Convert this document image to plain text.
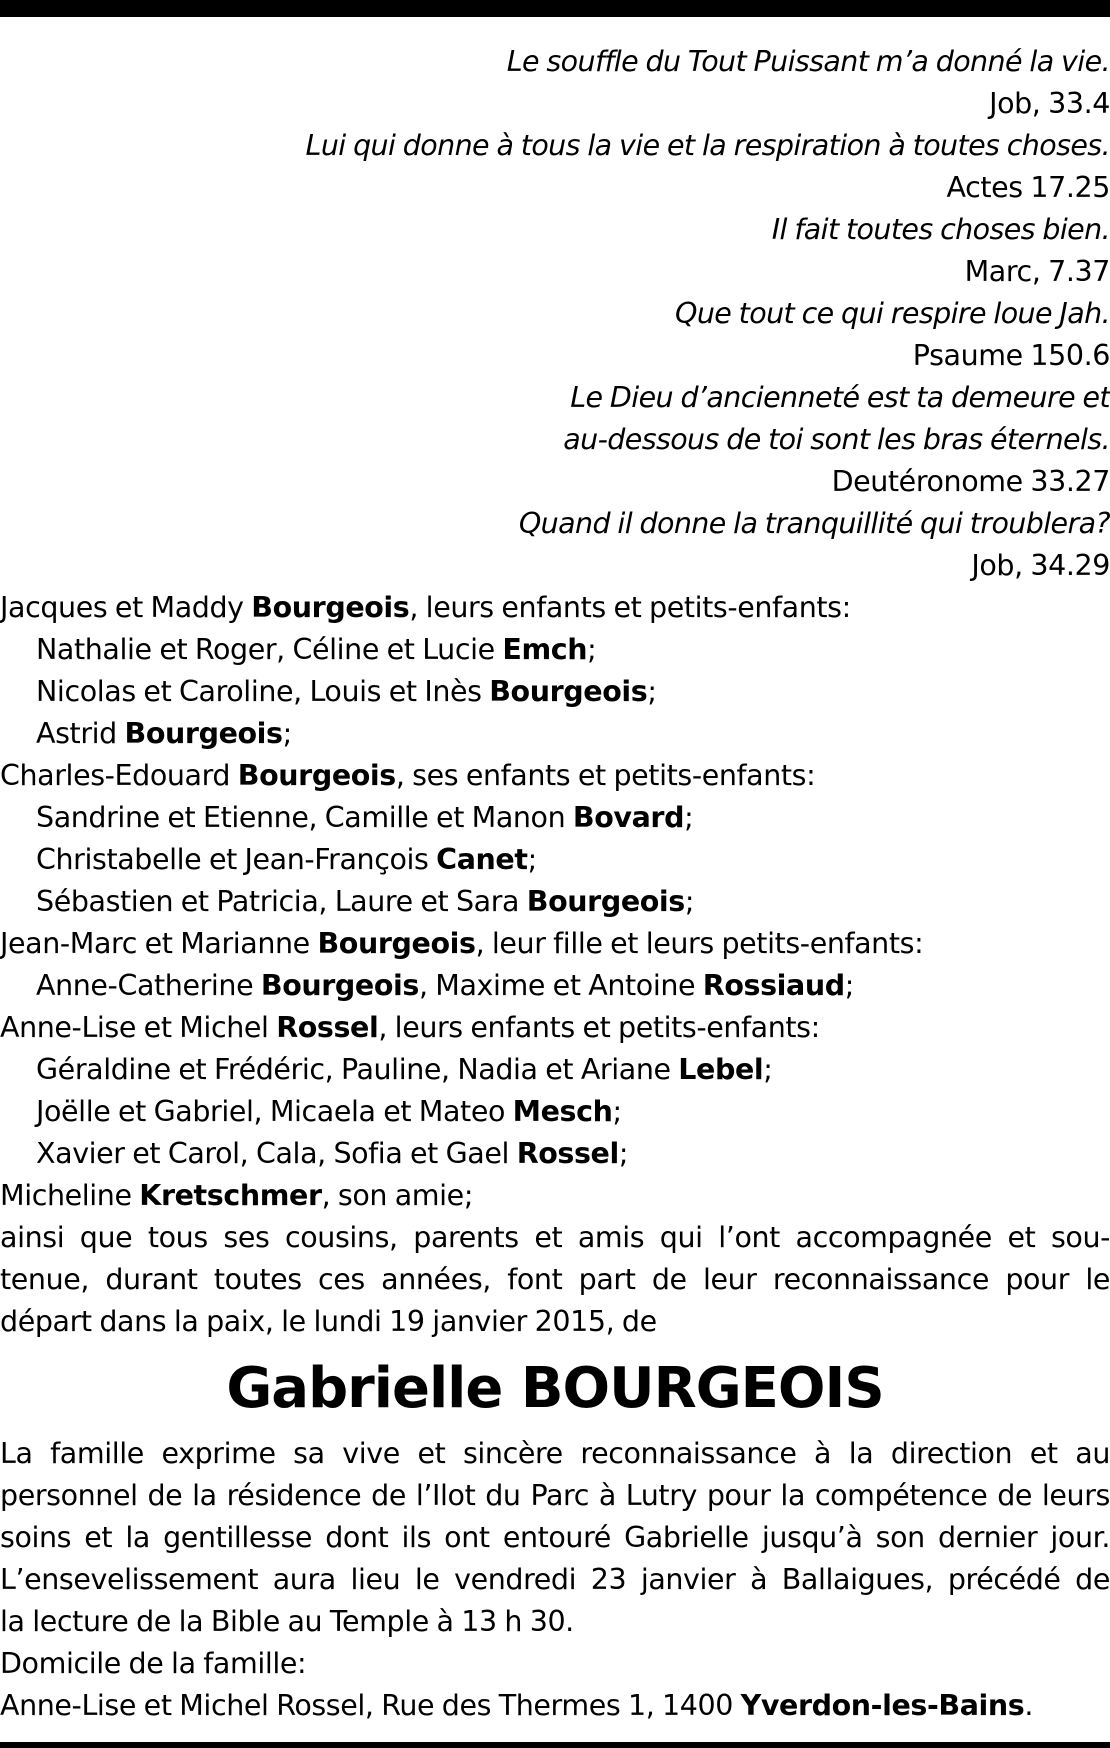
Le souffle du Tout Puissant m’a donné la vie.
Job, 33.4
Lui qui donne à tous la vie et la respiration à toutes choses.
Actes 17.25
Il fait toutes choses bien.
Marc, 7.37
Que tout ce qui respire loue Jah.
Psaume 150.6
Le Dieu d’ancienneté est ta demeure et
au-dessous de toi sont les bras éternels.
Deutéronome 33.27
Quand il donne la tranquillité qui troublera?
Job, 34.29
Jacques et Maddy Bourgeois, leurs enfants et petits-enfants:
Nathalie et Roger, Céline et Lucie Emch;
Nicolas et Caroline, Louis et Inès Bourgeois;
Astrid Bourgeois;
Charles-Edouard Bourgeois, ses enfants et petits-enfants:
Sandrine et Etienne, Camille et Manon Bovard;
Christabelle et Jean-François Canet;
Sébastien et Patricia, Laure et Sara Bourgeois;
Jean-Marc et Marianne Bourgeois, leur fille et leurs petits-enfants:
Anne-Catherine Bourgeois, Maxime et Antoine Rossiaud;
Anne-Lise et Michel Rossel, leurs enfants et petits-enfants:
Géraldine et Frédéric, Pauline, Nadia et Ariane Lebel;
Joëlle et Gabriel, Micaela et Mateo Mesch;
Xavier et Carol, Cala, Sofia et Gael Rossel;
Micheline Kretschmer, son amie;
ainsi que tous ses cousins, parents et amis qui l’ont accompagnée et sou-
tenue, durant toutes ces années, font part de leur reconnaissance pour le
départ dans la paix, le lundi 19 janvier 2015, de
Gabrielle BOURGEOIS
La famille exprime sa vive et sincère reconnaissance à la direction et au
personnel de la résidence de l’Ilot du Parc à Lutry pour la compétence de leurs
soins et la gentillesse dont ils ont entouré Gabrielle jusqu’à son dernier jour.
L’ensevelissement aura lieu le vendredi 23 janvier à Ballaigues, précédé de
la lecture de la Bible au Temple à 13 h 30.
Domicile de la famille:
Anne-Lise et Michel Rossel, Rue des Thermes 1, 1400 Yverdon-les-Bains.
